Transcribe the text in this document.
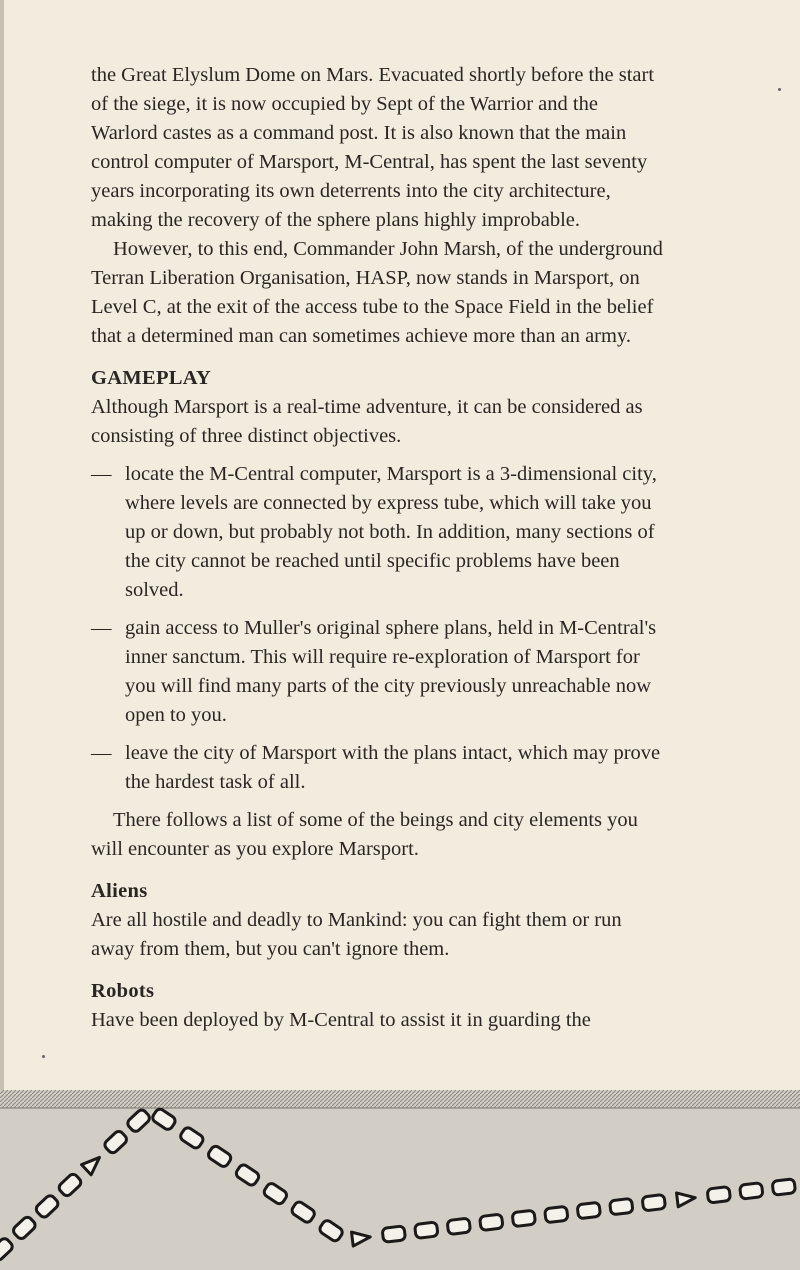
the Great Elyslum Dome on Mars. Evacuated shortly before the start of the siege, it is now occupied by Sept of the Warrior and the Warlord castes as a command post. It is also known that the main control computer of Marsport, M-Central, has spent the last seventy years incorporating its own deterrents into the city architecture, making the recovery of the sphere plans highly improbable.

However, to this end, Commander John Marsh, of the underground Terran Liberation Organisation, HASP, now stands in Marsport, on Level C, at the exit of the access tube to the Space Field in the belief that a determined man can sometimes achieve more than an army.

GAMEPLAY

Although Marsport is a real-time adventure, it can be considered as consisting of three distinct objectives.

— locate the M-Central computer, Marsport is a 3-dimensional city, where levels are connected by express tube, which will take you up or down, but probably not both. In addition, many sections of the city cannot be reached until specific problems have been solved.
— gain access to Muller's original sphere plans, held in M-Central's inner sanctum. This will require re-exploration of Marsport for you will find many parts of the city previously unreachable now open to you.
— leave the city of Marsport with the plans intact, which may prove the hardest task of all.

There follows a list of some of the beings and city elements you will encounter as you explore Marsport.

Aliens

Are all hostile and deadly to Mankind: you can fight them or run away from them, but you can't ignore them.

Robots

Have been deployed by M-Central to assist it in guarding the
